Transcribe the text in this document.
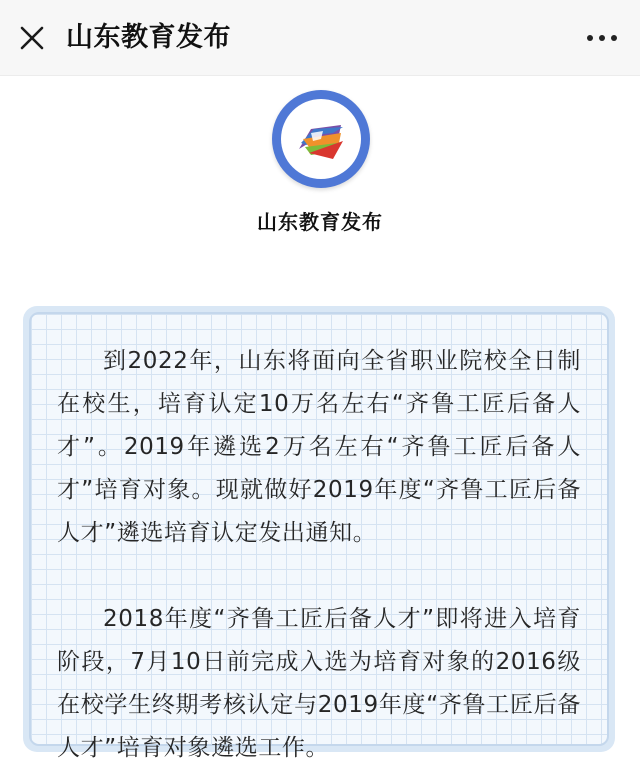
山东教育发布
山东教育发布

到2022年，山东将面向全省职业院校全日制在校生，培育认定10万名左右“齐鲁工匠后备人才”。2019年遴选2万名左右“齐鲁工匠后备人才”培育对象。现就做好2019年度“齐鲁工匠后备人才”遴选培育认定发出通知。

2018年度“齐鲁工匠后备人才”即将进入培育阶段，7月10日前完成入选为培育对象的2016级在校学生终期考核认定与2019年度“齐鲁工匠后备人才”培育对象遴选工作。
